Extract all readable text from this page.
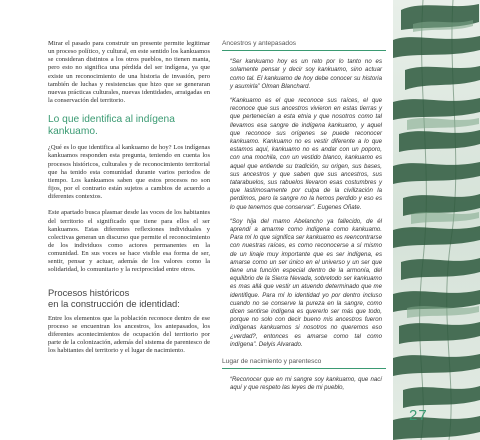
Mirar el pasado para construir un presente permite legitimar un proceso político, y cultural, en este sentido los kankuamos se consideran distintos a los otros pueblos, no tienen manta, pero esto no significa una pérdida del ser indígena, ya que existe un reconocimiento de una historia de invasión, pero también de luchas y resistencias que hizo que se generaran nuevas prácticas culturales, nuevas identidades, arraigadas en la conservación del territorio.

Lo que identifica al indígena kankuamo.

¿Qué es lo que identifica al kankuamo de hoy? Los indígenas kankuamos responden esta pregunta, teniendo en cuenta los procesos históricos, culturales y de reconocimiento territorial que ha tenido esta comunidad durante varios periodos de tiempo. Los kankuamos saben que estos procesos no son fijos, por el contrario están sujetos a cambios de acuerdo a diferentes contextos.

Este apartado busca plasmar desde las voces de los habitantes del territorio el significado que tiene para ellos el ser kankuamos. Estas diferentes reflexiones individuales y colectivas generan un discurso que permite el reconocimiento de los individuos como actores permanentes en la comunidad. En sus voces se hace visible esa forma de ser, sentir, pensar y actuar, además de los valores como la solidaridad, lo comunitario y la reciprocidad entre otros.

Procesos históricos
en la construcción de identidad:

Entre los elementos que la población reconoce dentro de ese proceso se encuentran los ancestros, los antepasados, los diferentes acontecimientos de ocupación del territorio por parte de la colonización, además del sistema de parentesco de los habitantes del territorio y el lugar de nacimiento.

Ancestros y antepasados

“Ser kankuamo hoy es un reto por lo tanto no es solamente pensar y decir soy kankuamo, sino actuar como tal. El kankuamo de hoy debe conocer su historia y asumirla” Olman Blanchard.

“Kankuamo es el que reconoce sus raíces, el que reconoce que sus ancestros vivieron en estas tierras y que pertenecían a esta etnia y que nosotros como tal llevamos esa sangre de indígena kankuamo, y aquel que reconoce sus orígenes se puede reconocer kankuamo. Kankuamo no es vestir diferente a lo que estamos aquí, kankuamo no es andar con un poporo, con una mochila, con un vestido blanco, kankuamo es aquel que entiende su tradición, su origen, sus bases, sus ancestros y que saben que sus ancestros, sus tatarabuelos, sus rabuelos llevaron esas costumbres y que lastimosamente por culpa de la civilización la perdimos, pero la sangre no la hemos perdido y eso es lo que tenemos que conservar”. Eugenes Oñate.

“Soy hija del mamo Abelancho ya fallecido, de él aprendí a amarme como indígena como kankuamo. Para mí lo que significa ser kankuamo es reencontrarse con nuestras raíces, es como reconocerse a sí mismo de un linaje muy importante que es ser indígena, es amarse como un ser único en el universo y un ser que tiene una función especial dentro de la armonía, del equilibrio de la Sierra Nevada, sobretodo ser kankuamo es mas allá que vestir un atuendo determinado que me identifique. Para mí lo identidad yo por dentro incluso cuando no se conserve la pureza en la sangre, como dicen sentirse indígena es quererlo ser más que todo, porque no solo con decir bueno mis ancestros fueron indígenas kankuamos si nosotros no queremos eso ¿verdad?, entonces es amarse como tal como indígena”. Delyis Alvarado.

Lugar de nacimiento y parentesco

“Reconocer que en mi sangre soy kankuamo, que nací aquí y que respeto las leyes de mi pueblo,

27
